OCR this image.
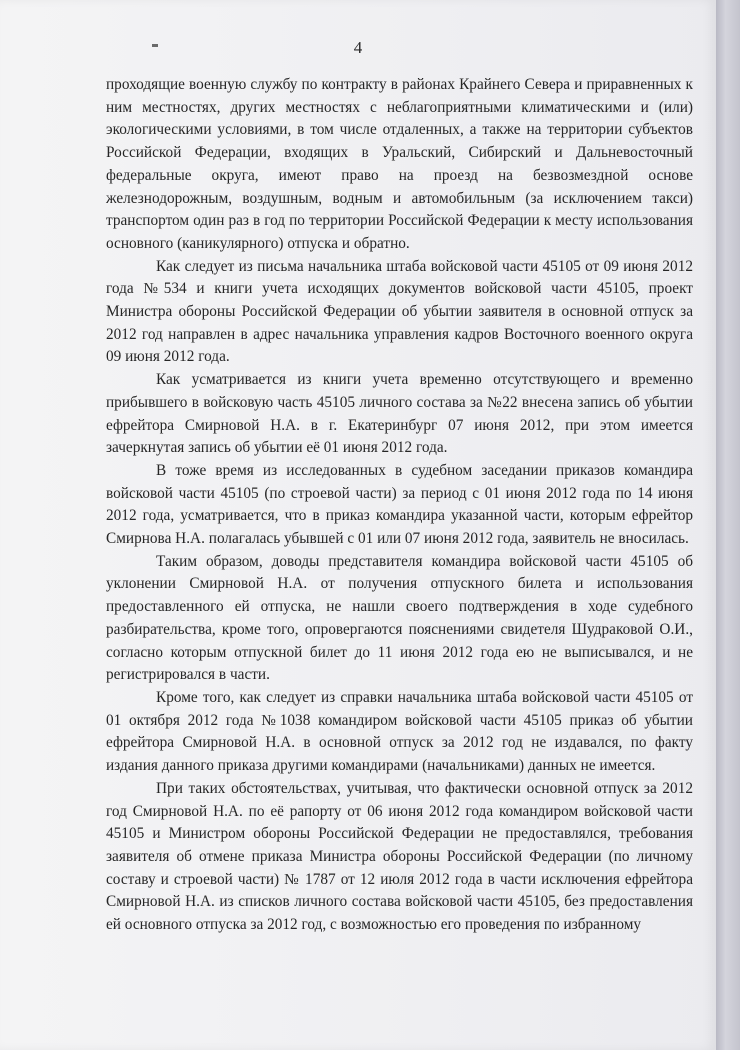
4

проходящие военную службу по контракту в районах Крайнего Севера и приравненных к ним местностях, других местностях с неблагоприятными климатическими и (или) экологическими условиями, в том числе отдаленных, а также на территории субъектов Российской Федерации, входящих в Уральский, Сибирский и Дальневосточный федеральные округа, имеют право на проезд на безвозмездной основе железнодорожным, воздушным, водным и автомобильным (за исключением такси) транспортом один раз в год по территории Российской Федерации к месту использования основного (каникулярного) отпуска и обратно.

Как следует из письма начальника штаба войсковой части 45105 от 09 июня 2012 года №534 и книги учета исходящих документов войсковой части 45105, проект Министра обороны Российской Федерации об убытии заявителя в основной отпуск за 2012 год направлен в адрес начальника управления кадров Восточного военного округа 09 июня 2012 года.

Как усматривается из книги учета временно отсутствующего и временно прибывшего в войсковую часть 45105 личного состава за №22 внесена запись об убытии ефрейтора Смирновой Н.А. в г. Екатеринбург 07 июня 2012, при этом имеется зачеркнутая запись об убытии её 01 июня 2012 года.

В тоже время из исследованных в судебном заседании приказов командира войсковой части 45105 (по строевой части) за период с 01 июня 2012 года по 14 июня 2012 года, усматривается, что в приказ командира указанной части, которым ефрейтор Смирнова Н.А. полагалась убывшей с 01 или 07 июня 2012 года, заявитель не вносилась.

Таким образом, доводы представителя командира войсковой части 45105 об уклонении Смирновой Н.А. от получения отпускного билета и использования предоставленного ей отпуска, не нашли своего подтверждения в ходе судебного разбирательства, кроме того, опровергаются пояснениями свидетеля Шудраковой О.И., согласно которым отпускной билет до 11 июня 2012 года ею не выписывался, и не регистрировался в части.

Кроме того, как следует из справки начальника штаба войсковой части 45105 от 01 октября 2012 года №1038 командиром войсковой части 45105 приказ об убытии ефрейтора Смирновой Н.А. в основной отпуск за 2012 год не издавался, по факту издания данного приказа другими командирами (начальниками) данных не имеется.

При таких обстоятельствах, учитывая, что фактически основной отпуск за 2012 год Смирновой Н.А. по её рапорту от 06 июня 2012 года командиром войсковой части 45105 и Министром обороны Российской Федерации не предоставлялся, требования заявителя об отмене приказа Министра обороны Российской Федерации (по личному составу и строевой части) № 1787 от 12 июля 2012 года в части исключения ефрейтора Смирновой Н.А. из списков личного состава войсковой части 45105, без предоставления ей основного отпуска за 2012 год, с возможностью его проведения по избранному
